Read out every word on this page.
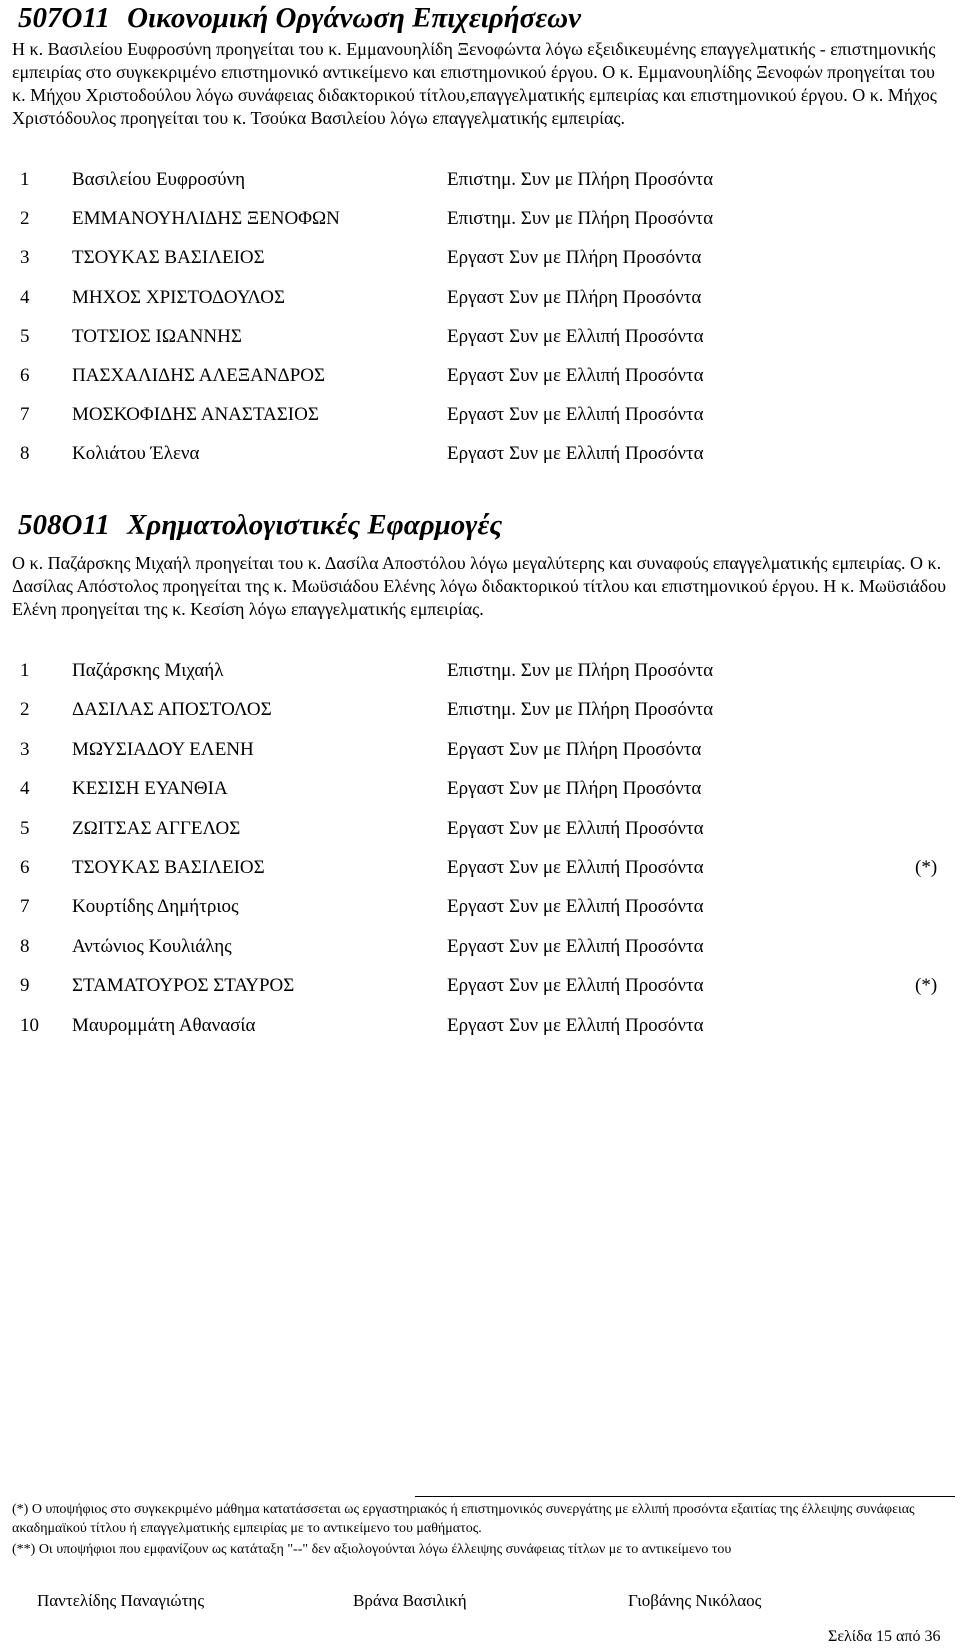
507Ο11 Οικονομική Οργάνωση Επιχειρήσεων

Η κ. Βασιλείου Ευφροσύνη προηγείται του κ. Εμμανουηλίδη Ξενοφώντα λόγω εξειδικευμένης επαγγελματικής - επιστημονικής εμπειρίας στο συγκεκριμένο επιστημονικό αντικείμενο και επιστημονικού έργου. Ο κ. Εμμανουηλίδης Ξενοφών προηγείται του κ. Μήχου Χριστοδούλου λόγω συνάφειας διδακτορικού τίτλου,επαγγελματικής εμπειρίας και επιστημονικού έργου. Ο κ. Μήχος Χριστόδουλος προηγείται του κ. Τσούκα Βασιλείου λόγω επαγγελματικής εμπειρίας.

1 Βασιλείου Ευφροσύνη	Επιστημ. Συν με Πλήρη Προσόντα
2 ΕΜΜΑΝΟΥΗΛΙΔΗΣ ΞΕΝΟΦΩΝ	Επιστημ. Συν με Πλήρη Προσόντα
3 ΤΣΟΥΚΑΣ ΒΑΣΙΛΕΙΟΣ	Εργαστ Συν με Πλήρη Προσόντα
4 ΜΗΧΟΣ ΧΡΙΣΤΟΔΟΥΛΟΣ	Εργαστ Συν με Πλήρη Προσόντα
5 ΤΟΤΣΙΟΣ ΙΩΑΝΝΗΣ	Εργαστ Συν με Ελλιπή Προσόντα
6 ΠΑΣΧΑΛΙΔΗΣ ΑΛΕΞΑΝΔΡΟΣ	Εργαστ Συν με Ελλιπή Προσόντα
7 ΜΟΣΚΟΦΙΔΗΣ ΑΝΑΣΤΑΣΙΟΣ	Εργαστ Συν με Ελλιπή Προσόντα
8 Κολιάτου Έλενα	Εργαστ Συν με Ελλιπή Προσόντα
508Ο11 Χρηματολογιστικές Εφαρμογές

Ο κ. Παζάρσκης Μιχαήλ προηγείται του κ. Δασίλα Αποστόλου λόγω μεγαλύτερης και συναφούς επαγγελματικής εμπειρίας. Ο κ. Δασίλας Απόστολος προηγείται της κ. Μωϋσιάδου Ελένης λόγω διδακτορικού τίτλου και επιστημονικού έργου. Η κ. Μωϋσιάδου Ελένη προηγείται της κ. Κεσίση λόγω επαγγελματικής εμπειρίας.

1 Παζάρσκης Μιχαήλ	Επιστημ. Συν με Πλήρη Προσόντα
2 ΔΑΣΙΛΑΣ ΑΠΟΣΤΟΛΟΣ	Επιστημ. Συν με Πλήρη Προσόντα
3 ΜΩΥΣΙΑΔΟΥ ΕΛΕΝΗ	Εργαστ Συν με Πλήρη Προσόντα
4 ΚΕΣΙΣΗ ΕΥΑΝΘΙΑ	Εργαστ Συν με Πλήρη Προσόντα
5 ΖΩΙΤΣΑΣ ΑΓΓΕΛΟΣ	Εργαστ Συν με Ελλιπή Προσόντα
6 ΤΣΟΥΚΑΣ ΒΑΣΙΛΕΙΟΣ	Εργαστ Συν με Ελλιπή Προσόντα	(*)
7 Κουρτίδης Δημήτριος	Εργαστ Συν με Ελλιπή Προσόντα
8 Αντώνιος Κουλιάλης	Εργαστ Συν με Ελλιπή Προσόντα
9 ΣΤΑΜΑΤΟΥΡΟΣ ΣΤΑΥΡΟΣ	Εργαστ Συν με Ελλιπή Προσόντα	(*)
10 Μαυρομμάτη Αθανασία	Εργαστ Συν με Ελλιπή Προσόντα

(*) Ο υποψήφιος στο συγκεκριμένο μάθημα κατατάσσεται ως εργαστηριακός ή επιστημονικός συνεργάτης με ελλιπή προσόντα εξαιτίας της έλλειψης συνάφειας ακαδημαϊκού τίτλου ή επαγγελματικής εμπειρίας με το αντικείμενο του μαθήματος.

(**) Οι υποψήφιοι που εμφανίζουν ως κατάταξη "--" δεν αξιολογούνται λόγω έλλειψης συνάφειας τίτλων με το αντικείμενο του

Παντελίδης Παναγιώτης	Βράνα Βασιλική	Γιοβάνης Νικόλαος
Σελίδα 15 από 36
